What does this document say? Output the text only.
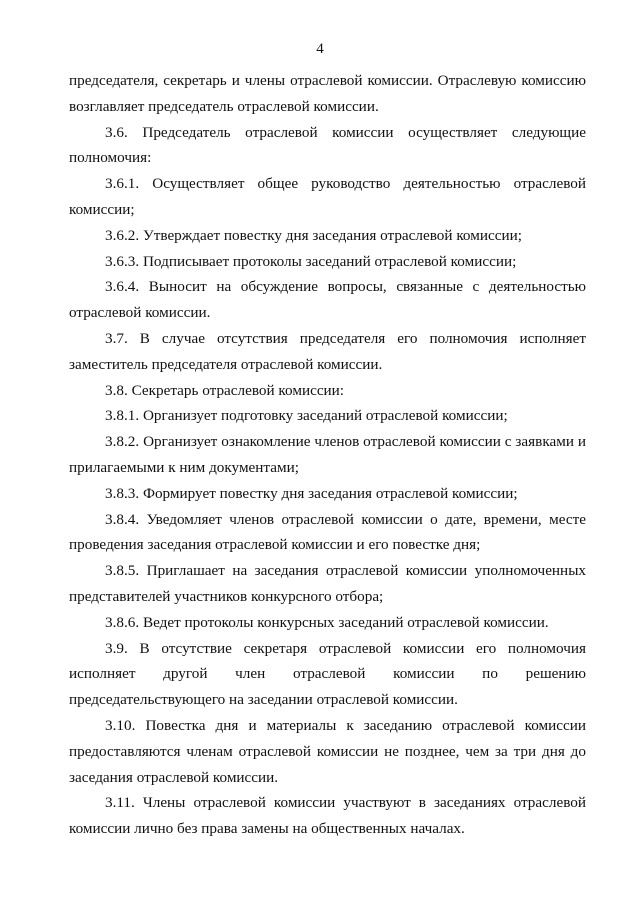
4

председателя, секретарь и члены отраслевой комиссии. Отраслевую комиссию возглавляет председатель отраслевой комиссии.

3.6. Председатель отраслевой комиссии осуществляет следующие полномочия:

3.6.1. Осуществляет общее руководство деятельностью отраслевой комиссии;

3.6.2. Утверждает повестку дня заседания отраслевой комиссии;

3.6.3. Подписывает протоколы заседаний отраслевой комиссии;

3.6.4. Выносит на обсуждение вопросы, связанные с деятельностью отраслевой комиссии.

3.7. В случае отсутствия председателя его полномочия исполняет заместитель председателя отраслевой комиссии.

3.8. Секретарь отраслевой комиссии:

3.8.1. Организует подготовку заседаний отраслевой комиссии;

3.8.2. Организует ознакомление членов отраслевой комиссии с заявками и прилагаемыми к ним документами;

3.8.3. Формирует повестку дня заседания отраслевой комиссии;

3.8.4. Уведомляет членов отраслевой комиссии о дате, времени, месте проведения заседания отраслевой комиссии и его повестке дня;

3.8.5. Приглашает на заседания отраслевой комиссии уполномоченных представителей участников конкурсного отбора;

3.8.6. Ведет протоколы конкурсных заседаний отраслевой комиссии.

3.9. В отсутствие секретаря отраслевой комиссии его полномочия исполняет другой член отраслевой комиссии по решению председательствующего на заседании отраслевой комиссии.

3.10. Повестка дня и материалы к заседанию отраслевой комиссии предоставляются членам отраслевой комиссии не позднее, чем за три дня до заседания отраслевой комиссии.

3.11. Члены отраслевой комиссии участвуют в заседаниях отраслевой комиссии лично без права замены на общественных началах.
